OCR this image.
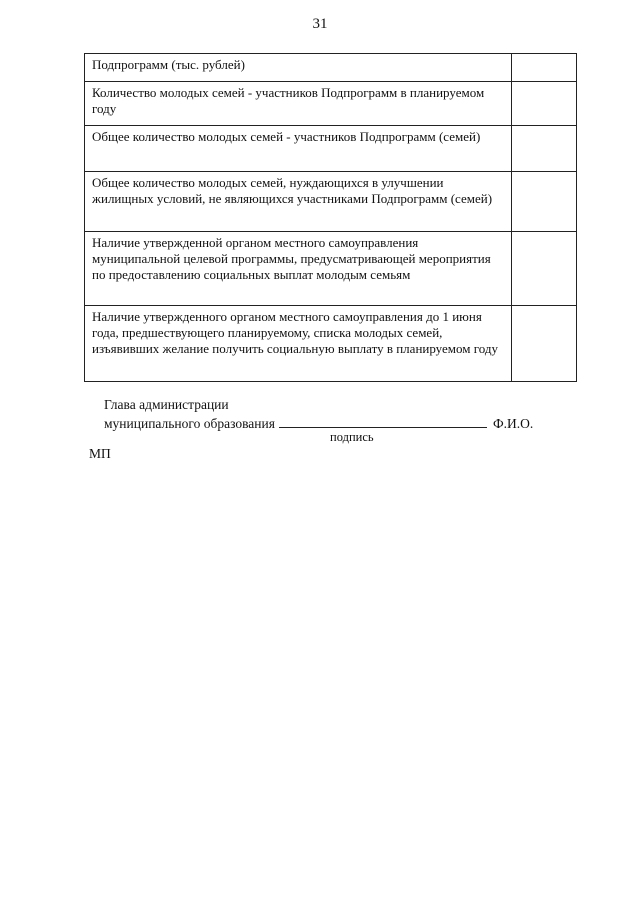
31
Подпрограмм (тыс. рублей)	
Количество молодых семей - участников Подпрограмм в планируемом году	
Общее количество молодых семей - участников Подпрограмм (семей)	
Общее количество молодых семей, нуждающихся в улучшении жилищных условий, не являющихся участниками Подпрограмм (семей)	
Наличие утвержденной органом местного самоуправления муниципальной целевой программы, предусматривающей мероприятия по предоставлению социальных выплат молодым семьям	
Наличие утвержденного органом местного самоуправления до 1 июня года, предшествующего планируемому, списка молодых семей, изъявивших желание получить социальную выплату в планируемом году	
Глава администрации
муниципального образования	Ф.И.О.
подпись
МП
